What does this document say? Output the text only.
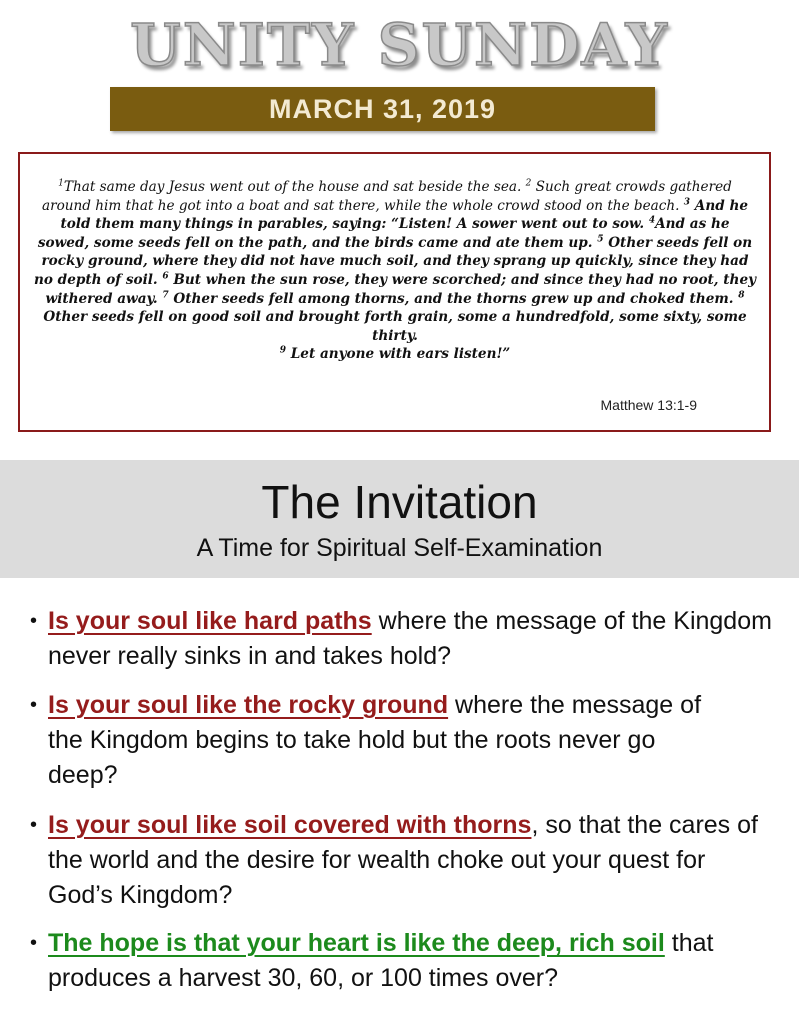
UNITY SUNDAY
MARCH 31, 2019
$^1$That same day Jesus went out of the house and sat beside the sea. $^2$ Such great crowds gathered around him that he got into a boat and sat there, while the whole crowd stood on the beach. $^3$ And he told them many things in parables, saying: “Listen! A sower went out to sow. $^4$And as he sowed, some seeds fell on the path, and the birds came and ate them up. $^5$ Other seeds fell on rocky ground, where they did not have much soil, and they sprang up quickly, since they had no depth of soil. $^6$ But when the sun rose, they were scorched; and since they had no root, they withered away. $^7$ Other seeds fell among thorns, and the thorns grew up and choked them. $^8$ Other seeds fell on good soil and brought forth grain, some a hundredfold, some sixty, some thirty.
$^9$ Let anyone with ears listen!”
Matthew 13:1-9
The Invitation
A Time for Spiritual Self-Examination
• Is your soul like hard paths where the message of the Kingdom never really sinks in and takes hold?
• Is your soul like the rocky ground where the message of the Kingdom begins to take hold but the roots never go deep?
• Is your soul like soil covered with thorns, so that the cares of the world and the desire for wealth choke out your quest for God’s Kingdom?
• The hope is that your heart is like the deep, rich soil that produces a harvest 30, 60, or 100 times over?
